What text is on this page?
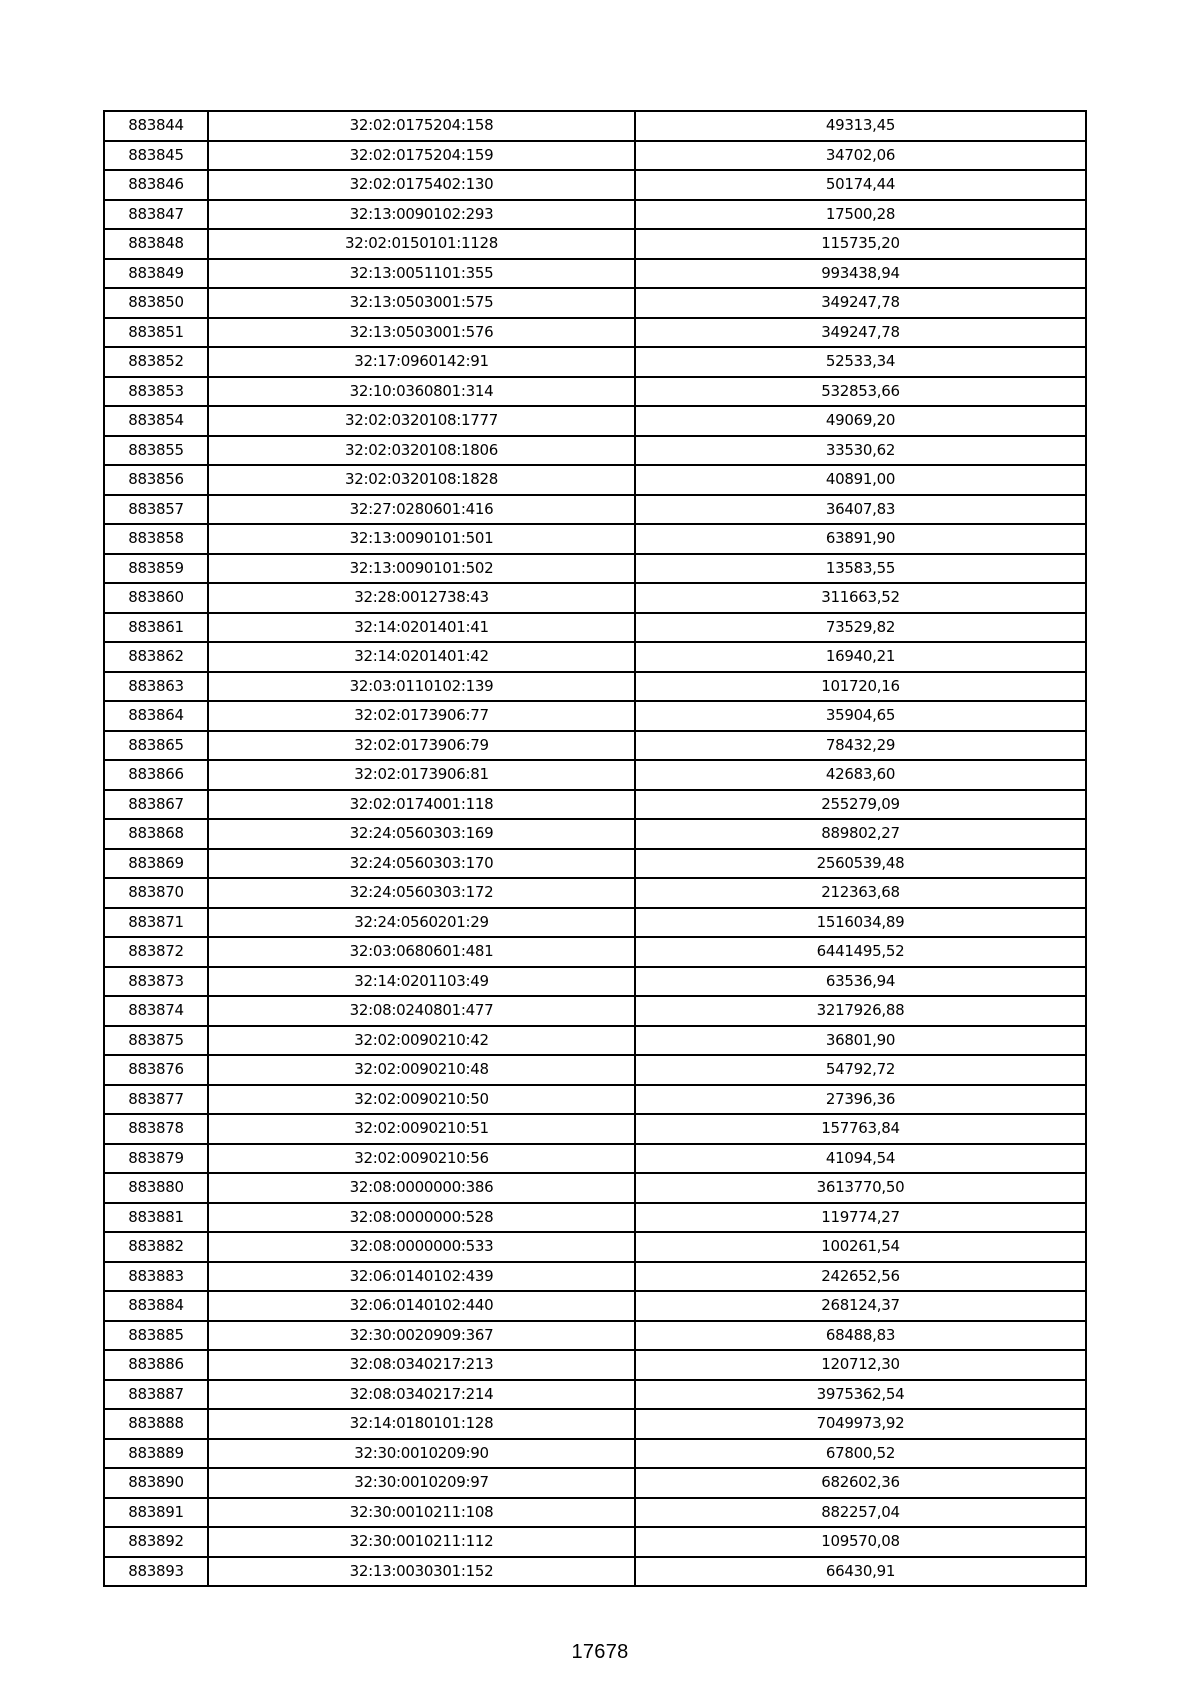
883844	32:02:0175204:158	49313,45
883845	32:02:0175204:159	34702,06
883846	32:02:0175402:130	50174,44
883847	32:13:0090102:293	17500,28
883848	32:02:0150101:1128	115735,20
883849	32:13:0051101:355	993438,94
883850	32:13:0503001:575	349247,78
883851	32:13:0503001:576	349247,78
883852	32:17:0960142:91	52533,34
883853	32:10:0360801:314	532853,66
883854	32:02:0320108:1777	49069,20
883855	32:02:0320108:1806	33530,62
883856	32:02:0320108:1828	40891,00
883857	32:27:0280601:416	36407,83
883858	32:13:0090101:501	63891,90
883859	32:13:0090101:502	13583,55
883860	32:28:0012738:43	311663,52
883861	32:14:0201401:41	73529,82
883862	32:14:0201401:42	16940,21
883863	32:03:0110102:139	101720,16
883864	32:02:0173906:77	35904,65
883865	32:02:0173906:79	78432,29
883866	32:02:0173906:81	42683,60
883867	32:02:0174001:118	255279,09
883868	32:24:0560303:169	889802,27
883869	32:24:0560303:170	2560539,48
883870	32:24:0560303:172	212363,68
883871	32:24:0560201:29	1516034,89
883872	32:03:0680601:481	6441495,52
883873	32:14:0201103:49	63536,94
883874	32:08:0240801:477	3217926,88
883875	32:02:0090210:42	36801,90
883876	32:02:0090210:48	54792,72
883877	32:02:0090210:50	27396,36
883878	32:02:0090210:51	157763,84
883879	32:02:0090210:56	41094,54
883880	32:08:0000000:386	3613770,50
883881	32:08:0000000:528	119774,27
883882	32:08:0000000:533	100261,54
883883	32:06:0140102:439	242652,56
883884	32:06:0140102:440	268124,37
883885	32:30:0020909:367	68488,83
883886	32:08:0340217:213	120712,30
883887	32:08:0340217:214	3975362,54
883888	32:14:0180101:128	7049973,92
883889	32:30:0010209:90	67800,52
883890	32:30:0010209:97	682602,36
883891	32:30:0010211:108	882257,04
883892	32:30:0010211:112	109570,08
883893	32:13:0030301:152	66430,91
17678
